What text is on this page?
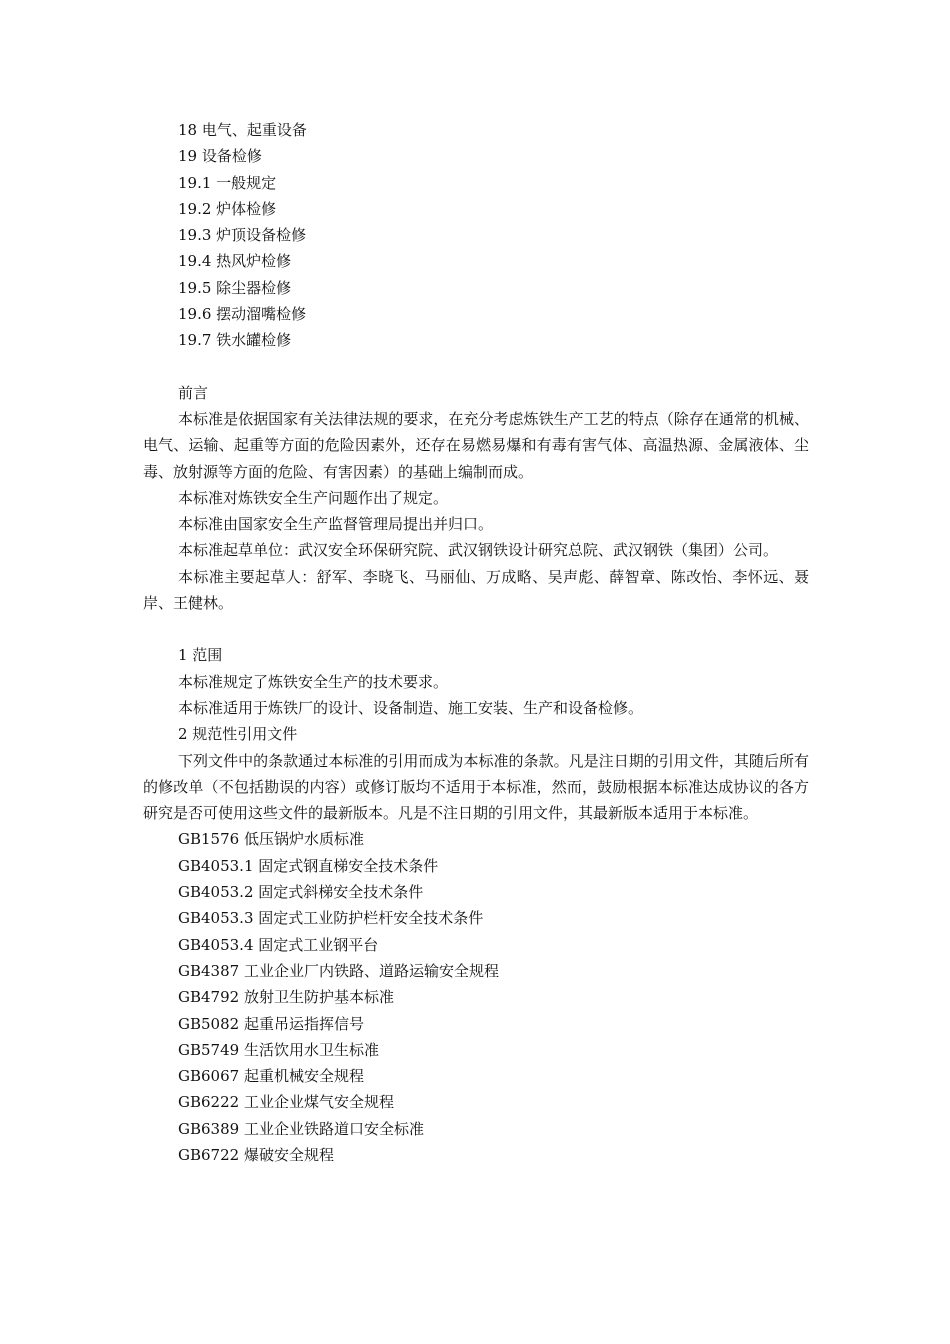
18 电气、起重设备
19 设备检修
19.1 一般规定
19.2 炉体检修
19.3 炉顶设备检修
19.4 热风炉检修
19.5 除尘器检修
19.6 摆动溜嘴检修
19.7 铁水罐检修
前言
本标准是依据国家有关法律法规的要求，在充分考虑炼铁生产工艺的特点（除存在通常的机械、电气、运输、起重等方面的危险因素外，还存在易燃易爆和有毒有害气体、高温热源、金属液体、尘毒、放射源等方面的危险、有害因素）的基础上编制而成。
本标准对炼铁安全生产问题作出了规定。
本标准由国家安全生产监督管理局提出并归口。
本标准起草单位：武汉安全环保研究院、武汉钢铁设计研究总院、武汉钢铁（集团）公司。
本标准主要起草人：舒军、李晓飞、马丽仙、万成略、吴声彪、薛智章、陈改怡、李怀远、聂岸、王健林。
1 范围
本标准规定了炼铁安全生产的技术要求。
本标准适用于炼铁厂的设计、设备制造、施工安装、生产和设备检修。
2 规范性引用文件
下列文件中的条款通过本标准的引用而成为本标准的条款。凡是注日期的引用文件，其随后所有的修改单（不包括勘误的内容）或修订版均不适用于本标准，然而，鼓励根据本标准达成协议的各方研究是否可使用这些文件的最新版本。凡是不注日期的引用文件，其最新版本适用于本标准。
GB1576 低压锅炉水质标准
GB4053.1 固定式钢直梯安全技术条件
GB4053.2 固定式斜梯安全技术条件
GB4053.3 固定式工业防护栏杆安全技术条件
GB4053.4 固定式工业钢平台
GB4387 工业企业厂内铁路、道路运输安全规程
GB4792 放射卫生防护基本标准
GB5082 起重吊运指挥信号
GB5749 生活饮用水卫生标准
GB6067 起重机械安全规程
GB6222 工业企业煤气安全规程
GB6389 工业企业铁路道口安全标准
GB6722 爆破安全规程
